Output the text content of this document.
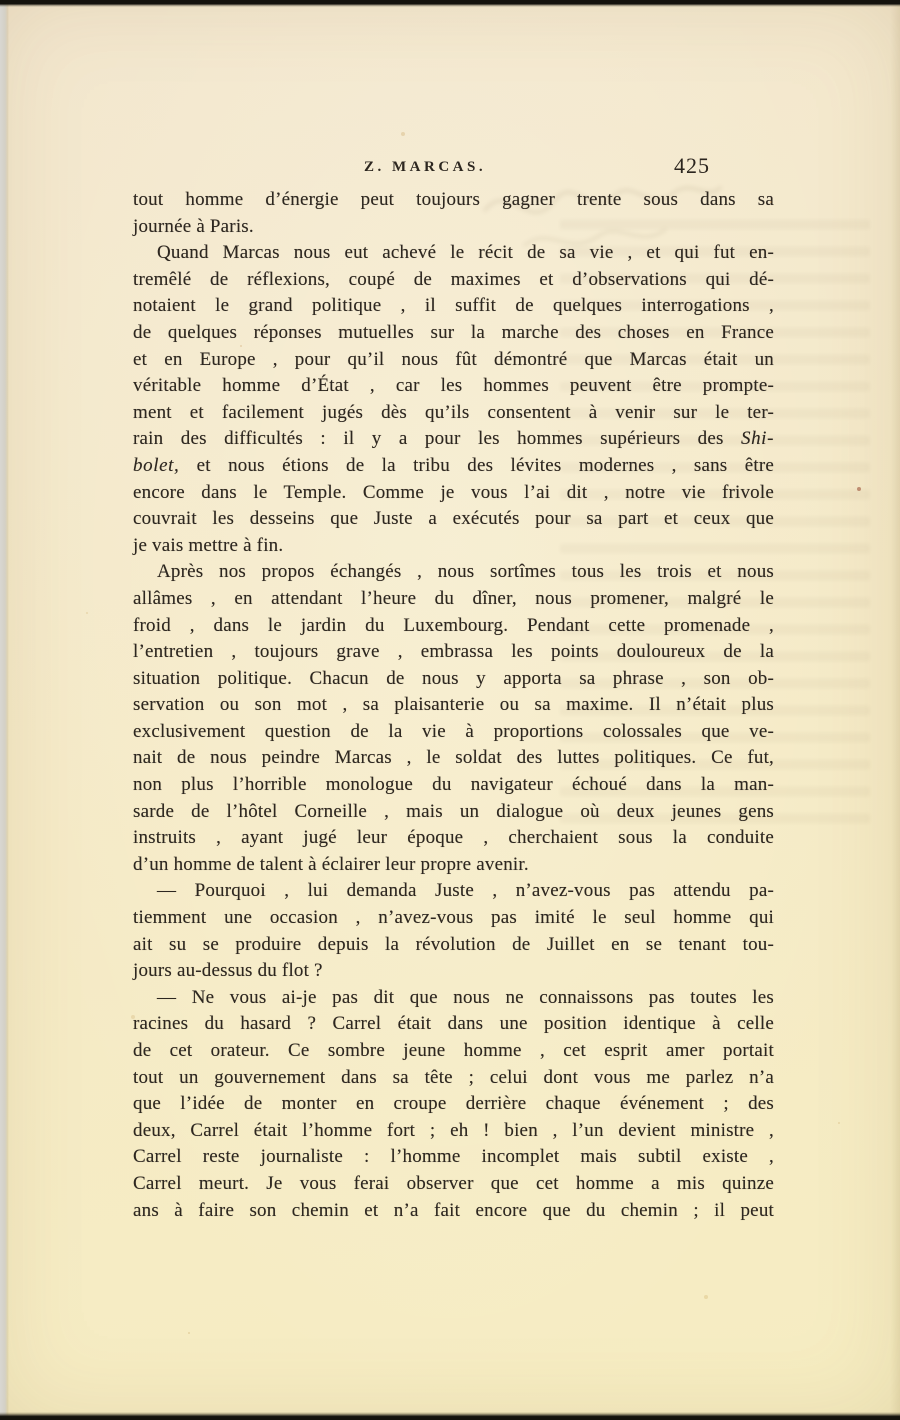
Z. MARCAS.	425
tout homme d’énergie peut toujours gagner trente sous dans sa
journée à Paris.
Quand Marcas nous eut achevé le récit de sa vie , et qui fut en-
tremêlé de réflexions, coupé de maximes et d’observations qui dé-
notaient le grand politique , il suffit de quelques interrogations ,
de quelques réponses mutuelles sur la marche des choses en France
et en Europe , pour qu’il nous fût démontré que Marcas était un
véritable homme d’État , car les hommes peuvent être prompte-
ment et facilement jugés dès qu’ils consentent à venir sur le ter-
rain des difficultés : il y a pour les hommes supérieurs des Shi-
bolet, et nous étions de la tribu des lévites modernes , sans être
encore dans le Temple. Comme je vous l’ai dit , notre vie frivole
couvrait les desseins que Juste a exécutés pour sa part et ceux que
je vais mettre à fin.
Après nos propos échangés , nous sortîmes tous les trois et nous
allâmes , en attendant l’heure du dîner, nous promener, malgré le
froid , dans le jardin du Luxembourg. Pendant cette promenade ,
l’entretien , toujours grave , embrassa les points douloureux de la
situation politique. Chacun de nous y apporta sa phrase , son ob-
servation ou son mot , sa plaisanterie ou sa maxime. Il n’était plus
exclusivement question de la vie à proportions colossales que ve-
nait de nous peindre Marcas , le soldat des luttes politiques. Ce fut,
non plus l’horrible monologue du navigateur échoué dans la man-
sarde de l’hôtel Corneille , mais un dialogue où deux jeunes gens
instruits , ayant jugé leur époque , cherchaient sous la conduite
d’un homme de talent à éclairer leur propre avenir.
— Pourquoi , lui demanda Juste , n’avez-vous pas attendu pa-
tiemment une occasion , n’avez-vous pas imité le seul homme qui
ait su se produire depuis la révolution de Juillet en se tenant tou-
jours au-dessus du flot ?
— Ne vous ai-je pas dit que nous ne connaissons pas toutes les
racines du hasard ? Carrel était dans une position identique à celle
de cet orateur. Ce sombre jeune homme , cet esprit amer portait
tout un gouvernement dans sa tête ; celui dont vous me parlez n’a
que l’idée de monter en croupe derrière chaque événement ; des
deux, Carrel était l’homme fort ; eh ! bien , l’un devient ministre ,
Carrel reste journaliste : l’homme incomplet mais subtil existe ,
Carrel meurt. Je vous ferai observer que cet homme a mis quinze
ans à faire son chemin et n’a fait encore que du chemin ; il peut
